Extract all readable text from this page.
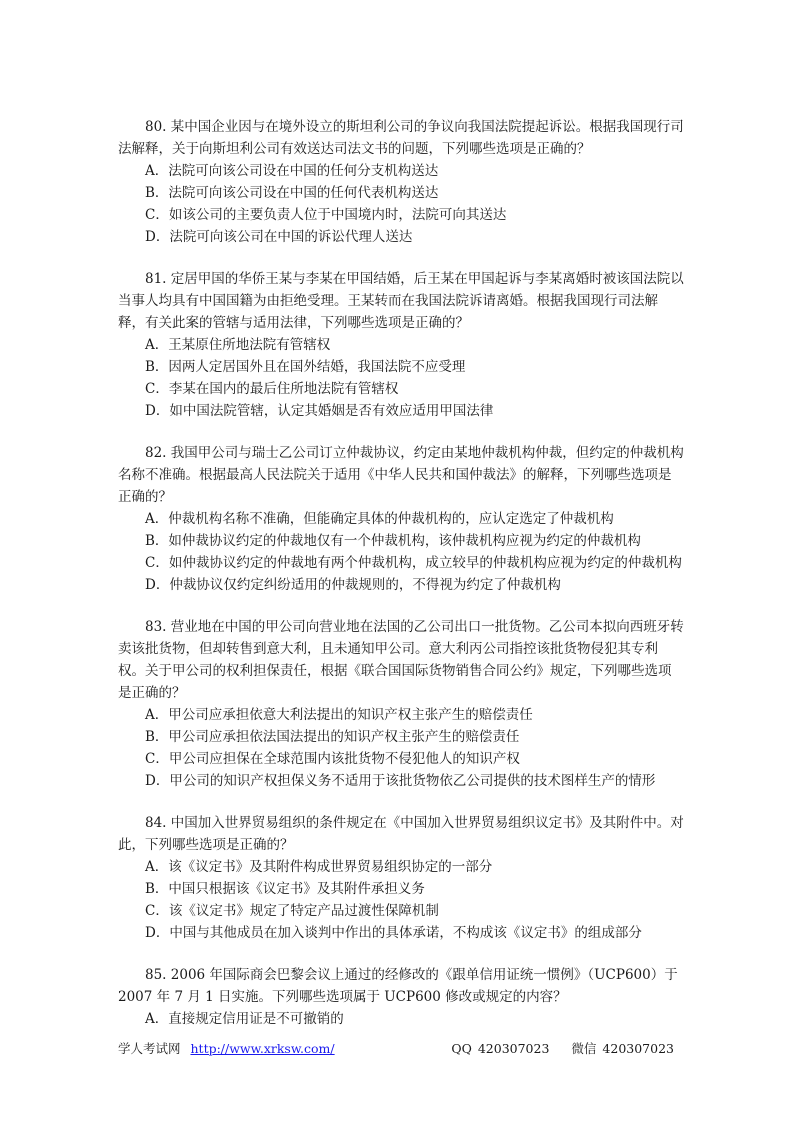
80. 某中国企业因与在境外设立的斯坦利公司的争议向我国法院提起诉讼。根据我国现行司法解释，关于向斯坦利公司有效送达司法文书的问题，下列哪些选项是正确的？

A．法院可向该公司设在中国的任何分支机构送达

B．法院可向该公司设在中国的任何代表机构送达

C．如该公司的主要负责人位于中国境内时，法院可向其送达

D．法院可向该公司在中国的诉讼代理人送达

81. 定居甲国的华侨王某与李某在甲国结婚，后王某在甲国起诉与李某离婚时被该国法院以当事人均具有中国国籍为由拒绝受理。王某转而在我国法院诉请离婚。根据我国现行司法解释，有关此案的管辖与适用法律，下列哪些选项是正确的？

A．王某原住所地法院有管辖权

B．因两人定居国外且在国外结婚，我国法院不应受理

C．李某在国内的最后住所地法院有管辖权

D．如中国法院管辖，认定其婚姻是否有效应适用甲国法律

82. 我国甲公司与瑞士乙公司订立仲裁协议，约定由某地仲裁机构仲裁，但约定的仲裁机构名称不准确。根据最高人民法院关于适用《中华人民共和国仲裁法》的解释，下列哪些选项是正确的？

A．仲裁机构名称不准确，但能确定具体的仲裁机构的，应认定选定了仲裁机构

B．如仲裁协议约定的仲裁地仅有一个仲裁机构，该仲裁机构应视为约定的仲裁机构

C．如仲裁协议约定的仲裁地有两个仲裁机构，成立较早的仲裁机构应视为约定的仲裁机构

D．仲裁协议仅约定纠纷适用的仲裁规则的，不得视为约定了仲裁机构

83. 营业地在中国的甲公司向营业地在法国的乙公司出口一批货物。乙公司本拟向西班牙转卖该批货物，但却转售到意大利，且未通知甲公司。意大利丙公司指控该批货物侵犯其专利权。关于甲公司的权利担保责任，根据《联合国国际货物销售合同公约》规定，下列哪些选项是正确的？

A．甲公司应承担依意大利法提出的知识产权主张产生的赔偿责任

B．甲公司应承担依法国法提出的知识产权主张产生的赔偿责任

C．甲公司应担保在全球范围内该批货物不侵犯他人的知识产权

D．甲公司的知识产权担保义务不适用于该批货物依乙公司提供的技术图样生产的情形

84. 中国加入世界贸易组织的条件规定在《中国加入世界贸易组织议定书》及其附件中。对此，下列哪些选项是正确的？

A．该《议定书》及其附件构成世界贸易组织协定的一部分

B．中国只根据该《议定书》及其附件承担义务

C．该《议定书》规定了特定产品过渡性保障机制

D．中国与其他成员在加入谈判中作出的具体承诺，不构成该《议定书》的组成部分

85. 2006 年国际商会巴黎会议上通过的经修改的《跟单信用证统一惯例》（UCP600）于 2007 年 7 月 1 日实施。下列哪些选项属于 UCP600 修改或规定的内容？

A．直接规定信用证是不可撤销的

学人考试网 http://www.xrksw.com/	QQ 420307023 微信 420307023
